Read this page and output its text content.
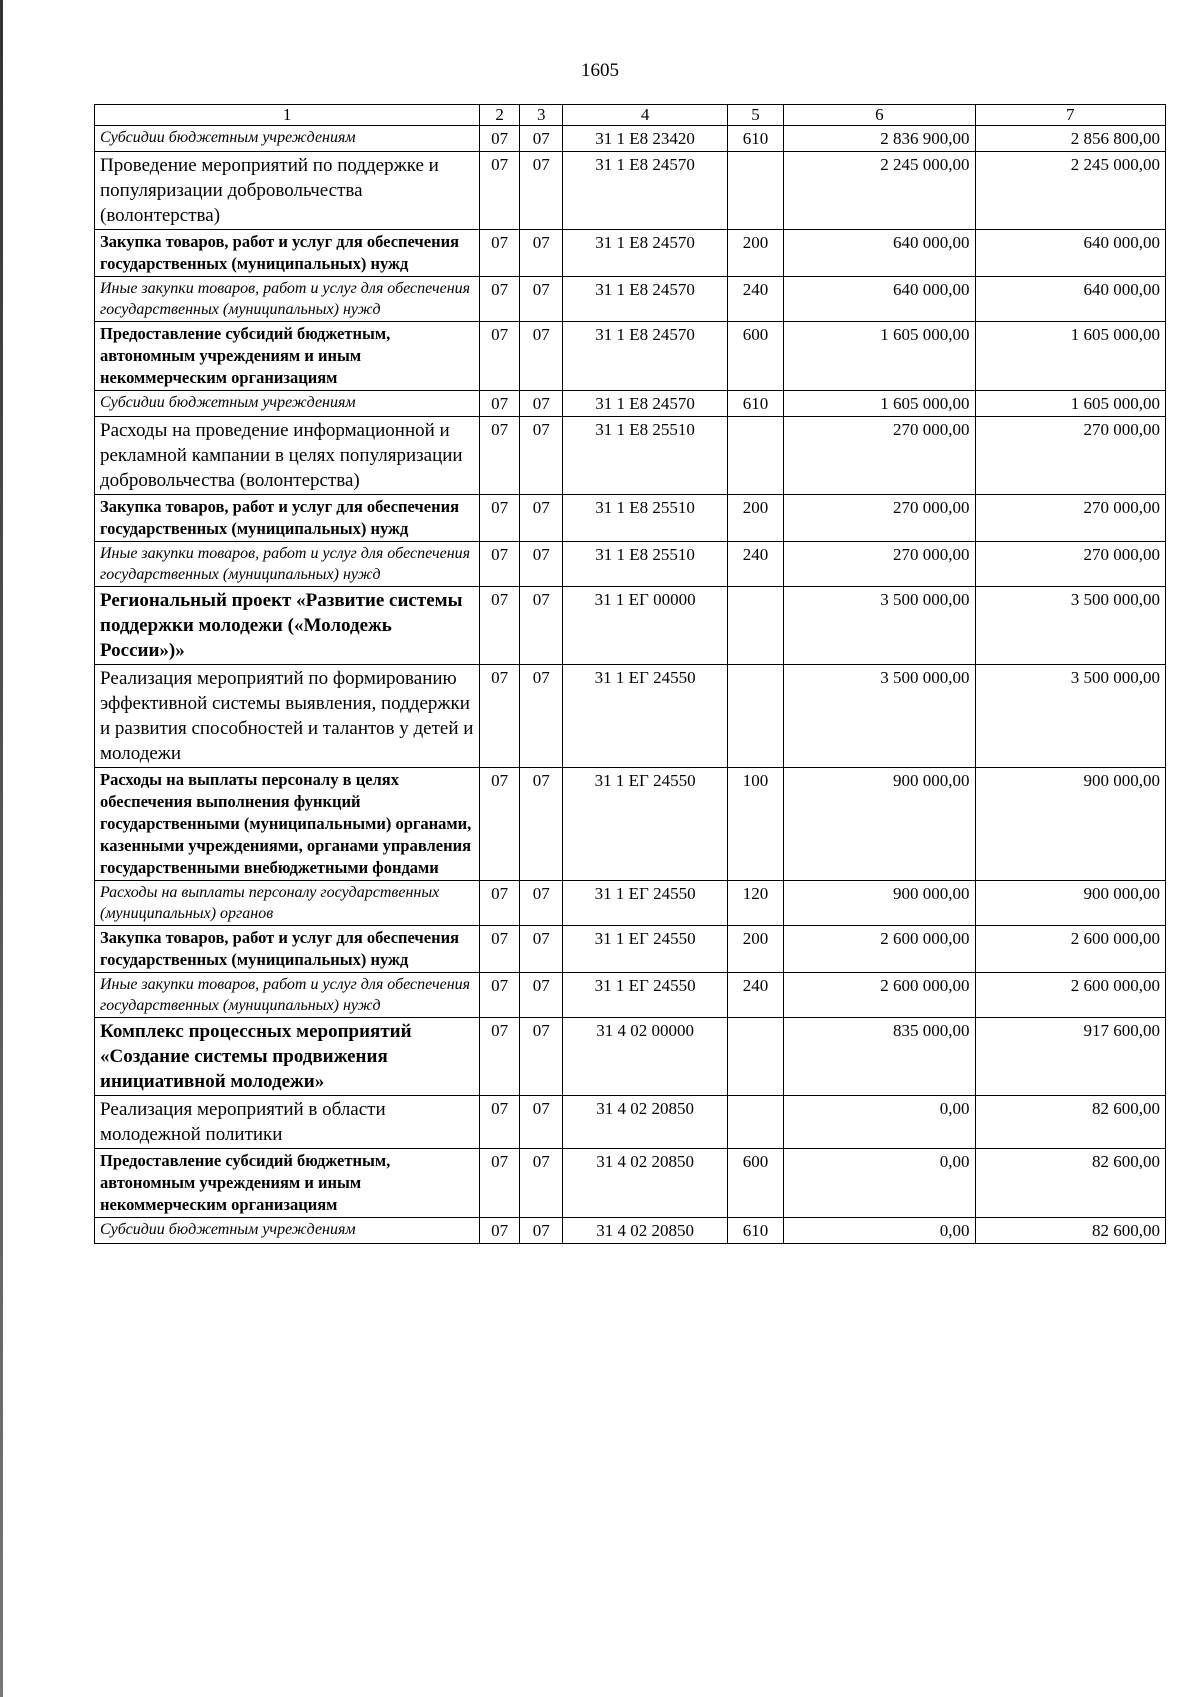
1605
1	2	3	4	5	6	7
Субсидии бюджетным учреждениям	07	07	31 1 E8 23420	610	2 836 900,00	2 856 800,00
Проведение мероприятий по поддержке и популяризации добровольчества (волонтерства)	07	07	31 1 E8 24570		2 245 000,00	2 245 000,00
Закупка товаров, работ и услуг для обеспечения государственных (муниципальных) нужд	07	07	31 1 E8 24570	200	640 000,00	640 000,00
Иные закупки товаров, работ и услуг для обеспечения государственных (муниципальных) нужд	07	07	31 1 E8 24570	240	640 000,00	640 000,00
Предоставление субсидий бюджетным, автономным учреждениям и иным некоммерческим организациям	07	07	31 1 E8 24570	600	1 605 000,00	1 605 000,00
Субсидии бюджетным учреждениям	07	07	31 1 E8 24570	610	1 605 000,00	1 605 000,00
Расходы на проведение информационной и рекламной кампании в целях популяризации добровольчества (волонтерства)	07	07	31 1 E8 25510		270 000,00	270 000,00
Закупка товаров, работ и услуг для обеспечения государственных (муниципальных) нужд	07	07	31 1 E8 25510	200	270 000,00	270 000,00
Иные закупки товаров, работ и услуг для обеспечения государственных (муниципальных) нужд	07	07	31 1 E8 25510	240	270 000,00	270 000,00
Региональный проект «Развитие системы поддержки молодежи («Молодежь России»)»	07	07	31 1 ЕГ 00000		3 500 000,00	3 500 000,00
Реализация мероприятий по формированию эффективной системы выявления, поддержки и развития способностей и талантов у детей и молодежи	07	07	31 1 ЕГ 24550		3 500 000,00	3 500 000,00
Расходы на выплаты персоналу в целях обеспечения выполнения функций государственными (муниципальными) органами, казенными учреждениями, органами управления государственными внебюджетными фондами	07	07	31 1 ЕГ 24550	100	900 000,00	900 000,00
Расходы на выплаты персоналу государственных (муниципальных) органов	07	07	31 1 ЕГ 24550	120	900 000,00	900 000,00
Закупка товаров, работ и услуг для обеспечения государственных (муниципальных) нужд	07	07	31 1 ЕГ 24550	200	2 600 000,00	2 600 000,00
Иные закупки товаров, работ и услуг для обеспечения государственных (муниципальных) нужд	07	07	31 1 ЕГ 24550	240	2 600 000,00	2 600 000,00
Комплекс процессных мероприятий «Создание системы продвижения инициативной молодежи»	07	07	31 4 02 00000		835 000,00	917 600,00
Реализация мероприятий в области молодежной политики	07	07	31 4 02 20850		0,00	82 600,00
Предоставление субсидий бюджетным, автономным учреждениям и иным некоммерческим организациям	07	07	31 4 02 20850	600	0,00	82 600,00
Субсидии бюджетным учреждениям	07	07	31 4 02 20850	610	0,00	82 600,00
